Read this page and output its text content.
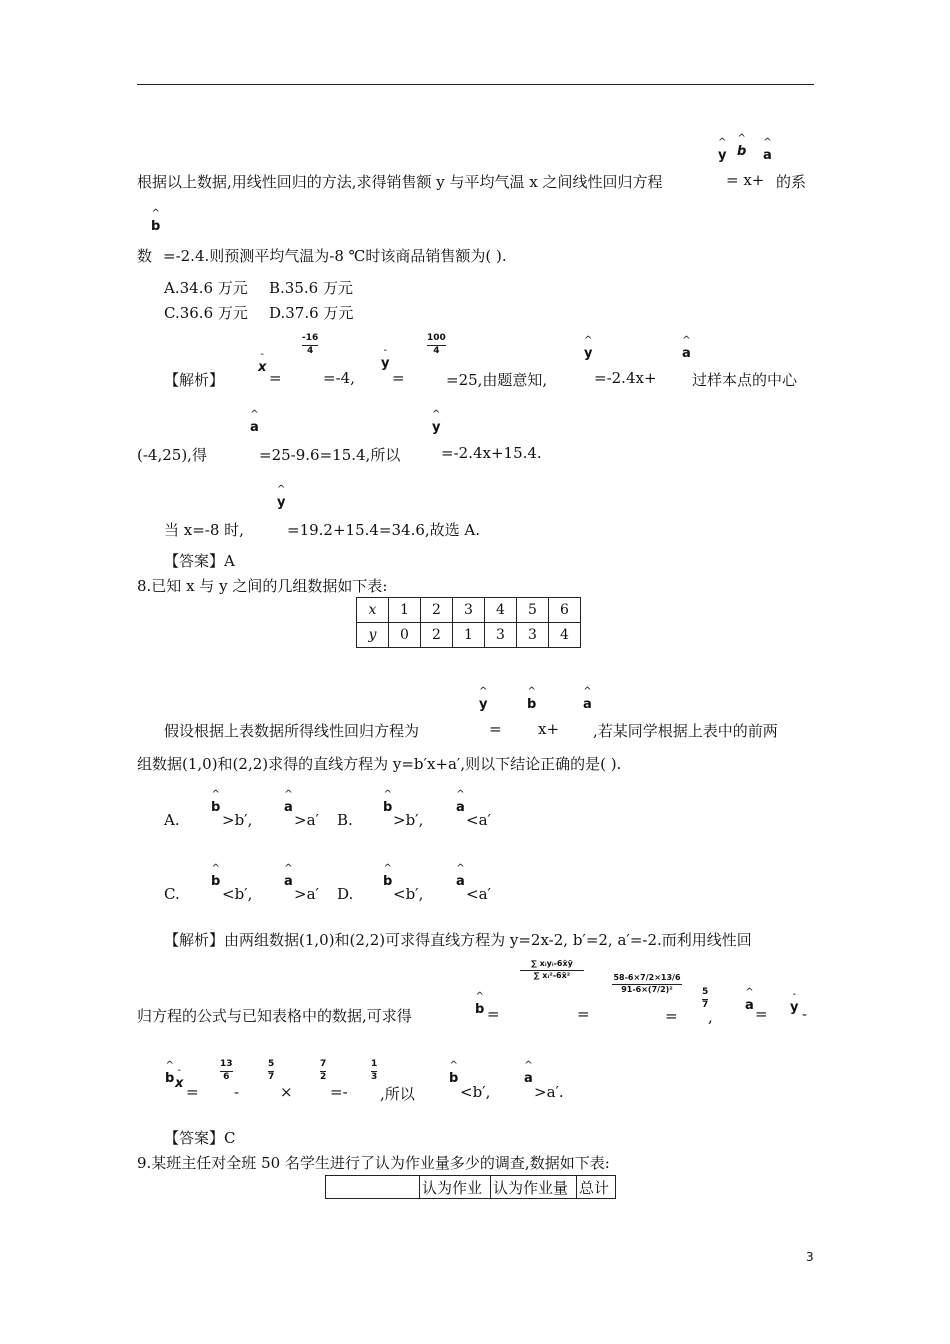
^
y
^
b
^
a
根据以上数据,用线性回归的方法,求得销售额 y 与平均气温 x 之间线性回归方程	= x+ 的系
^
b
数 =-2.4.则预测平均气温为-8 ℃时该商品销售额为( ).
A.34.6 万元 B.35.6 万元
C.36.6 万元 D.37.6 万元
-16
4
100
4
-
x
-
y
^
y
^
a
【解析】	=	=-4, =	=25,由题意知,	=-2.4x+ 过样本点的中心
^
a
^
y
(-4,25),得	=25-9.6=15.4,所以	=-2.4x+15.4.
^
y
当 x=-8 时,	=19.2+15.4=34.6,故选 A.
【答案】A
8.已知 x 与 y 之间的几组数据如下表:
x	1	2	3	4	5	6
y	0	2	1	3	3	4
^
y
^
b
^
a
假设根据上表数据所得线性回归方程为	= x+ ,若某同学根据上表中的前两
组数据(1,0)和(2,2)求得的直线方程为 y=b′x+a′,则以下结论正确的是( ).
^
b
^
a
^
b
^
a
A.	>b′,	>a′ B.	>b′,	<a′
^
b
^
a
^
b
^
a
C.	<b′,	>a′ D.	<b′,	<a′
【解析】由两组数据(1,0)和(2,2)可求得直线方程为 y=2x-2, b′=2, a′=-2.而利用线性回
∑ xᵢyᵢ-6x̄ȳ
∑ xᵢ²-6x̄²	58-6×7/2×13/6
91-6×(7/2)²	5
7
^
b
^
a
-
y
归方程的公式与已知表格中的数据,可求得	=	=	= ,	= -
^
b
-
x
13
6
5
7
7
2
1
3
^
b
^
a
= -	× =- ,所以	<b′,	>a′.
【答案】C
9.某班主任对全班 50 名学生进行了认为作业量多少的调查,数据如下表:
	认为作业	认为作业量	总计
3
